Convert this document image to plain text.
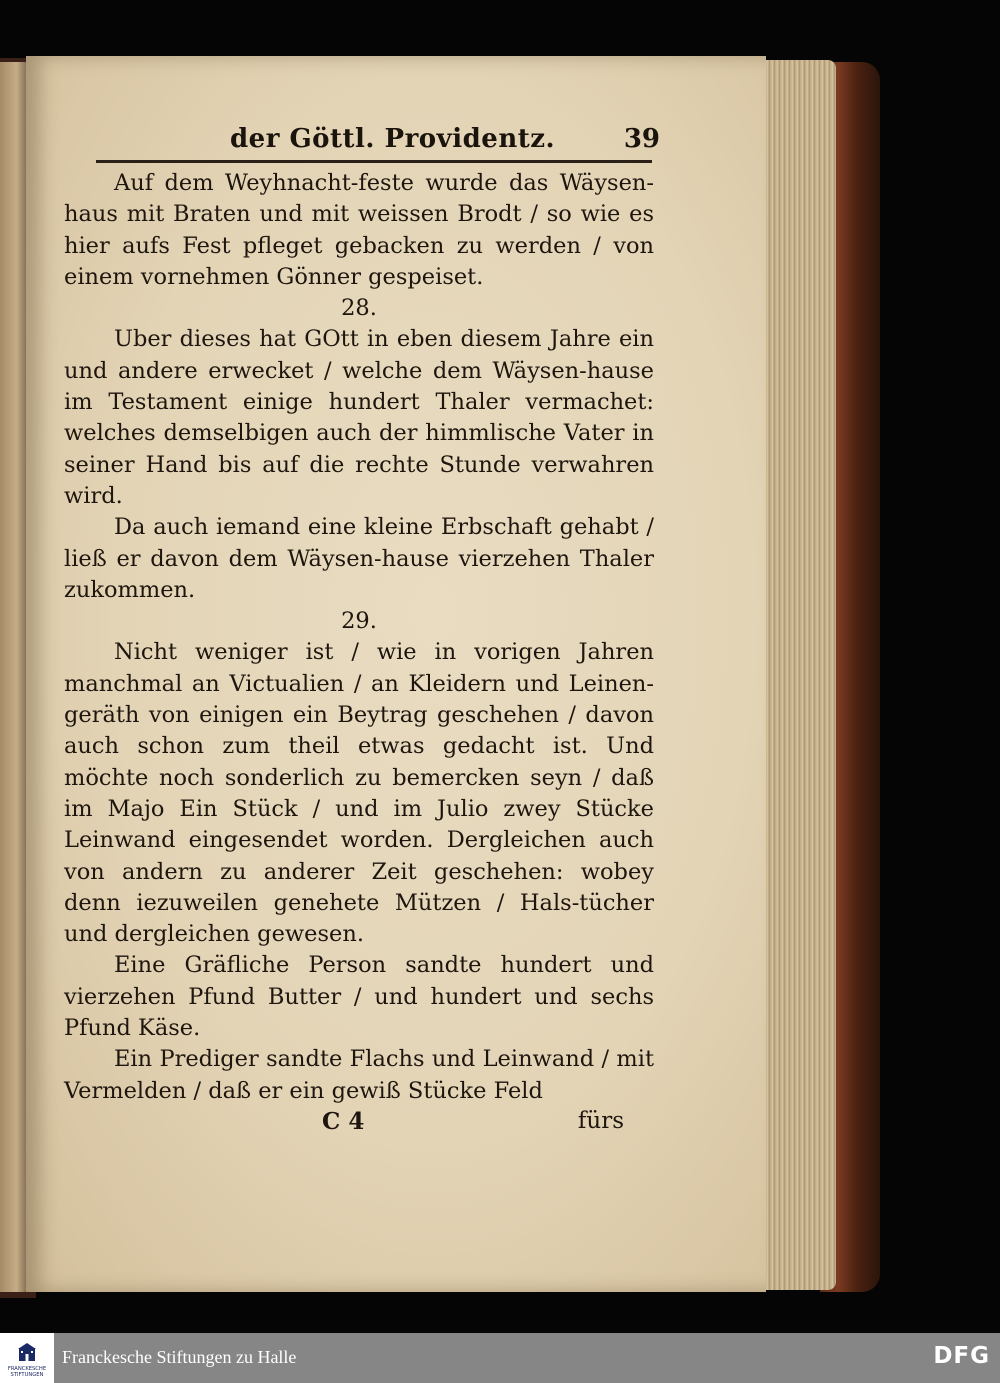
der Göttl. Providentz.	39

Auf dem Weyhnacht-feste wurde das Wäysen-haus mit Braten und mit weissen Brodt / so wie es hier aufs Fest pfleget gebacken zu werden / von einem vornehmen Gönner gespeiset.

28.

Uber dieses hat GOtt in eben diesem Jahre ein und andere erwecket / welche dem Wäysen-hause im Testament einige hundert Thaler vermachet: welches demselbigen auch der himmlische Vater in seiner Hand bis auf die rechte Stunde verwahren wird.

Da auch iemand eine kleine Erbschaft gehabt / ließ er davon dem Wäysen-hause vierzehen Thaler zukommen.

29.

Nicht weniger ist / wie in vorigen Jahren manchmal an Victualien / an Kleidern und Leinen-geräth von einigen ein Beytrag geschehen / davon auch schon zum theil etwas gedacht ist. Und möchte noch sonderlich zu bemercken seyn / daß im Majo Ein Stück / und im Julio zwey Stücke Leinwand eingesendet worden. Dergleichen auch von andern zu anderer Zeit geschehen: wobey denn iezuweilen genehete Mützen / Hals-tücher und dergleichen gewesen.

Eine Gräfliche Person sandte hundert und vierzehen Pfund Butter / und hundert und sechs Pfund Käse.

Ein Prediger sandte Flachs und Leinwand / mit Vermelden / daß er ein gewiß Stücke Feld

C 4	fürs
FRANCKESCHE
STIFTUNGEN
Franckesche Stiftungen zu Halle	DFG
